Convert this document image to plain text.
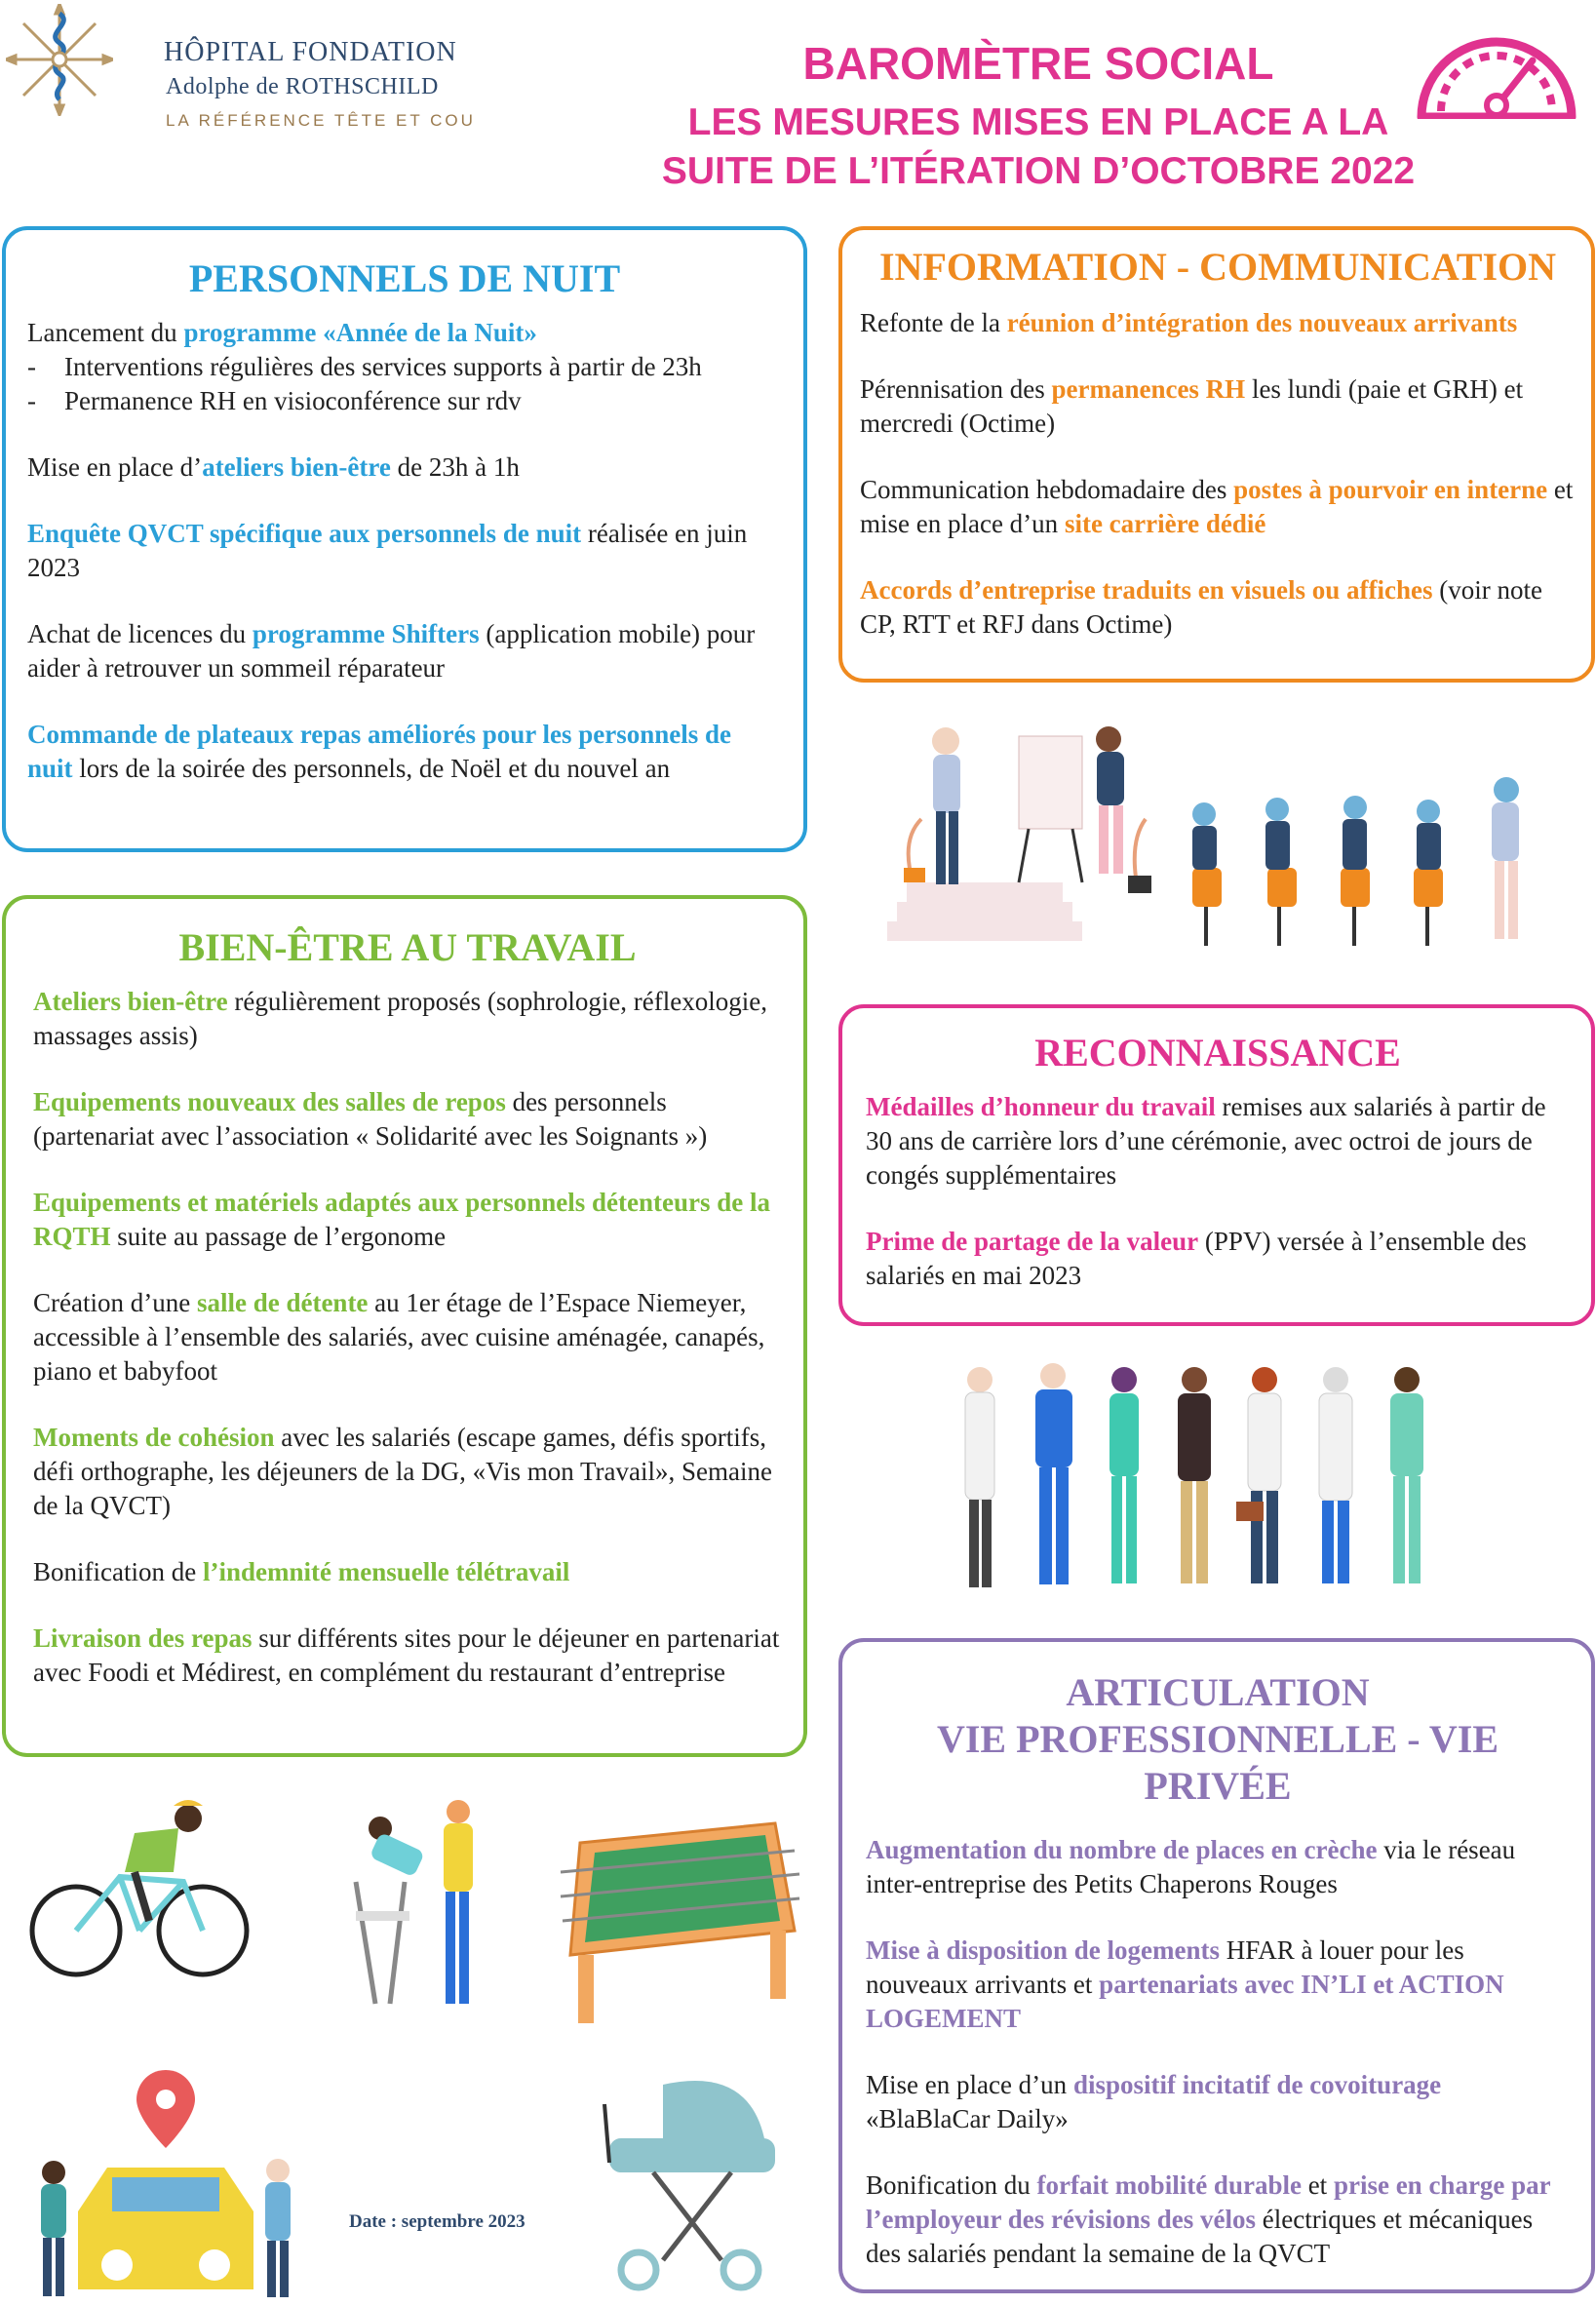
HÔPITAL FONDATION
Adolphe de ROTHSCHILD
LA RÉFÉRENCE TÊTE ET COU
BAROMÈTRE SOCIAL
LES MESURES MISES EN PLACE A LA
SUITE DE L’ITÉRATION D’OCTOBRE 2022
PERSONNELS DE NUIT

Lancement du programme «Année de la Nuit»

- Interventions régulières des services supports à partir de 23h
- Permanence RH en visioconférence sur rdv

Mise en place d’ateliers bien-être de 23h à 1h

Enquête QVCT spécifique aux personnels de nuit réalisée en juin 2023

Achat de licences du programme Shifters (application mobile) pour aider à retrouver un sommeil réparateur

Commande de plateaux repas améliorés pour les personnels de nuit lors de la soirée des personnels, de Noël et du nouvel an

BIEN-ÊTRE AU TRAVAIL

Ateliers bien-être régulièrement proposés (sophrologie, réflexologie, massages assis)

Equipements nouveaux des salles de repos des personnels (partenariat avec l’association « Solidarité avec les Soignants »)

Equipements et matériels adaptés aux personnels détenteurs de la RQTH suite au passage de l’ergonome

Création d’une salle de détente au 1er étage de l’Espace Niemeyer, accessible à l’ensemble des salariés, avec cuisine aménagée, canapés, piano et babyfoot

Moments de cohésion avec les salariés (escape games, défis sportifs, défi orthographe, les déjeuners de la DG, «Vis mon Travail», Semaine de la QVCT)

Bonification de l’indemnité mensuelle télétravail

Livraison des repas sur différents sites pour le déjeuner en partenariat avec Foodi et Médirest, en complément du restaurant d’entreprise

INFORMATION - COMMUNICATION

Refonte de la réunion d’intégration des nouveaux arrivants

Pérennisation des permanences RH les lundi (paie et GRH) et mercredi (Octime)

Communication hebdomadaire des postes à pourvoir en interne et mise en place d’un site carrière dédié

Accords d’entreprise traduits en visuels ou affiches (voir note CP, RTT et RFJ dans Octime)

RECONNAISSANCE

Médailles d’honneur du travail remises aux salariés à partir de 30 ans de carrière lors d’une cérémonie, avec octroi de jours de congés supplémentaires

Prime de partage de la valeur (PPV) versée à l’ensemble des salariés en mai 2023

ARTICULATION
VIE PROFESSIONNELLE - VIE PRIVÉE

Augmentation du nombre de places en crèche via le réseau inter-entreprise des Petits Chaperons Rouges

Mise à disposition de logements HFAR à louer pour les nouveaux arrivants et partenariats avec IN’LI et ACTION LOGEMENT

Mise en place d’un dispositif incitatif de covoiturage «BlaBlaCar Daily»

Bonification du forfait mobilité durable et prise en charge par l’employeur des révisions des vélos électriques et mécaniques des salariés pendant la semaine de la QVCT

Date : septembre 2023
